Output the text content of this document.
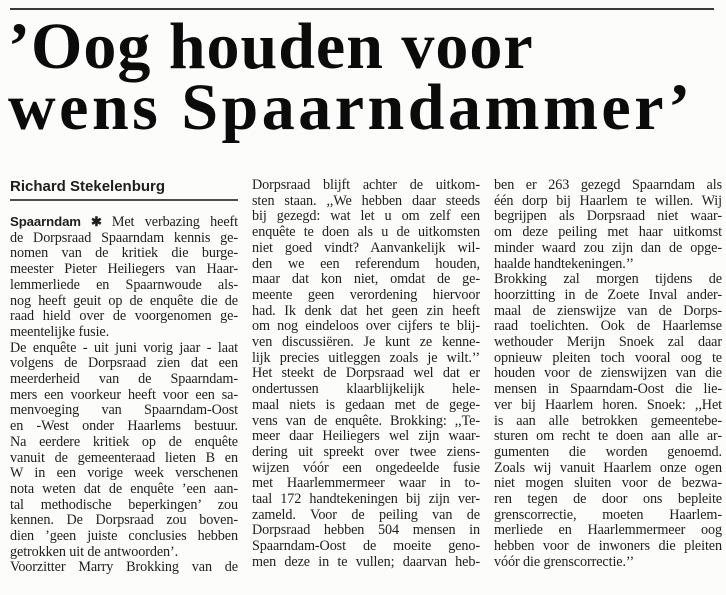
’Oog houden voor
wens Spaarndammer’
Richard Stekelenburg
Spaarndam ✱ Met verbazing heeft
de Dorpsraad Spaarndam kennis ge-
nomen van de kritiek die burge-
meester Pieter Heiliegers van Haar-
lemmerliede en Spaarnwoude als-
nog heeft geuit op de enquête die de
raad hield over de voorgenomen ge-
meentelijke fusie.
De enquête - uit juni vorig jaar - laat
volgens de Dorpsraad zien dat een
meerderheid van de Spaarndam-
mers een voorkeur heeft voor een sa-
menvoeging van Spaarndam-Oost
en -West onder Haarlems bestuur.
Na eerdere kritiek op de enquête
vanuit de gemeenteraad lieten B en
W in een vorige week verschenen
nota weten dat de enquête ’een aan-
tal methodische beperkingen’ zou
kennen. De Dorpsraad zou boven-
dien ’geen juiste conclusies hebben
getrokken uit de antwoorden’.
Voorzitter Marry Brokking van de
Dorpsraad blijft achter de uitkom-
sten staan. ,,We hebben daar steeds
bij gezegd: wat let u om zelf een
enquête te doen als u de uitkomsten
niet goed vindt? Aanvankelijk wil-
den we een referendum houden,
maar dat kon niet, omdat de ge-
meente geen verordening hiervoor
had. Ik denk dat het geen zin heeft
om nog eindeloos over cijfers te blij-
ven discussiëren. Je kunt ze kenne-
lijk precies uitleggen zoals je wilt.’’
Het steekt de Dorpsraad wel dat er
ondertussen klaarblijkelijk hele-
maal niets is gedaan met de gege-
vens van de enquête. Brokking: ,,Te-
meer daar Heiliegers wel zijn waar-
dering uit spreekt over twee ziens-
wijzen vóór een ongedeelde fusie
met Haarlemmermeer waar in to-
taal 172 handtekeningen bij zijn ver-
zameld. Voor de peiling van de
Dorpsraad hebben 504 mensen in
Spaarndam-Oost de moeite geno-
men deze in te vullen; daarvan heb-
ben er 263 gezegd Spaarndam als
één dorp bij Haarlem te willen. Wij
begrijpen als Dorpsraad niet waar-
om deze peiling met haar uitkomst
minder waard zou zijn dan de opge-
haalde handtekeningen.’’
Brokking zal morgen tijdens de
hoorzitting in de Zoete Inval ander-
maal de zienswijze van de Dorps-
raad toelichten. Ook de Haarlemse
wethouder Merijn Snoek zal daar
opnieuw pleiten toch vooral oog te
houden voor de zienswijzen van die
mensen in Spaarndam-Oost die lie-
ver bij Haarlem horen. Snoek: ,,Het
is aan alle betrokken gemeentebe-
sturen om recht te doen aan alle ar-
gumenten die worden genoemd.
Zoals wij vanuit Haarlem onze ogen
niet mogen sluiten voor de bezwa-
ren tegen de door ons bepleite
grenscorrectie, moeten Haarlem-
merliede en Haarlemmermeer oog
hebben voor de inwoners die pleiten
vóór die grenscorrectie.’’
